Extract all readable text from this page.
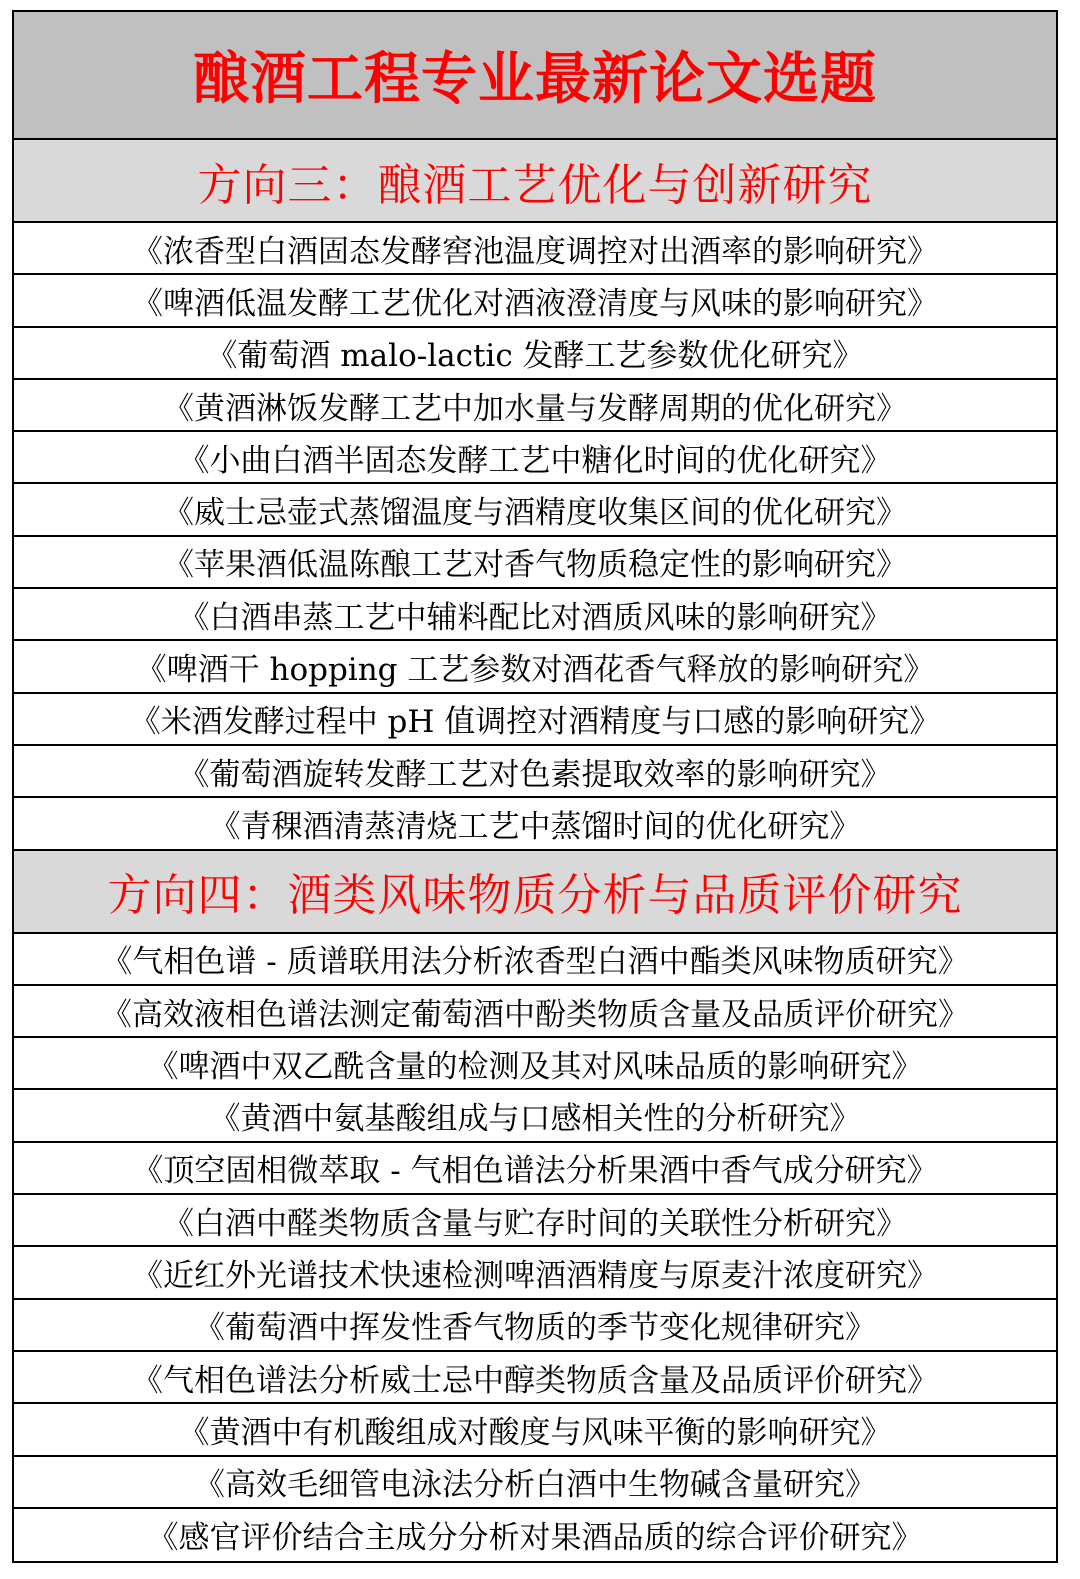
酿酒工程专业最新论文选题
方向三：酿酒工艺优化与创新研究
《浓香型白酒固态发酵窖池温度调控对出酒率的影响研究》
《啤酒低温发酵工艺优化对酒液澄清度与风味的影响研究》
《葡萄酒 malo-lactic 发酵工艺参数优化研究》
《黄酒淋饭发酵工艺中加水量与发酵周期的优化研究》
《小曲白酒半固态发酵工艺中糖化时间的优化研究》
《威士忌壶式蒸馏温度与酒精度收集区间的优化研究》
《苹果酒低温陈酿工艺对香气物质稳定性的影响研究》
《白酒串蒸工艺中辅料配比对酒质风味的影响研究》
《啤酒干 hopping 工艺参数对酒花香气释放的影响研究》
《米酒发酵过程中 pH 值调控对酒精度与口感的影响研究》
《葡萄酒旋转发酵工艺对色素提取效率的影响研究》
《青稞酒清蒸清烧工艺中蒸馏时间的优化研究》
方向四：酒类风味物质分析与品质评价研究
《气相色谱 - 质谱联用法分析浓香型白酒中酯类风味物质研究》
《高效液相色谱法测定葡萄酒中酚类物质含量及品质评价研究》
《啤酒中双乙酰含量的检测及其对风味品质的影响研究》
《黄酒中氨基酸组成与口感相关性的分析研究》
《顶空固相微萃取 - 气相色谱法分析果酒中香气成分研究》
《白酒中醛类物质含量与贮存时间的关联性分析研究》
《近红外光谱技术快速检测啤酒酒精度与原麦汁浓度研究》
《葡萄酒中挥发性香气物质的季节变化规律研究》
《气相色谱法分析威士忌中醇类物质含量及品质评价研究》
《黄酒中有机酸组成对酸度与风味平衡的影响研究》
《高效毛细管电泳法分析白酒中生物碱含量研究》
《感官评价结合主成分分析对果酒品质的综合评价研究》
